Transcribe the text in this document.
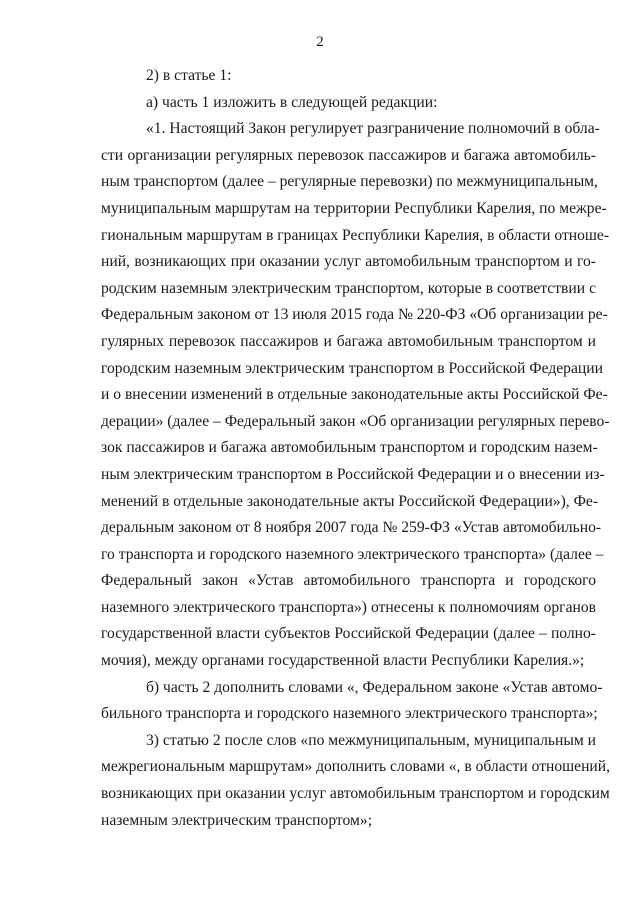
2
2) в статье 1:
а) часть 1 изложить в следующей редакции:
«1. Настоящий Закон регулирует разграничение полномочий в обла-
сти организации регулярных перевозок пассажиров и багажа автомобиль-
ным транспортом (далее – регулярные перевозки) по межмуниципальным,
муниципальным маршрутам на территории Республики Карелия, по межре-
гиональным маршрутам в границах Республики Карелия, в области отноше-
ний, возникающих при оказании услуг автомобильным транспортом и го-
родским наземным электрическим транспортом, которые в соответствии с
Федеральным законом от 13 июля 2015 года № 220-ФЗ «Об организации ре-
гулярных перевозок пассажиров и багажа автомобильным транспортом и
городским наземным электрическим транспортом в Российской Федерации
и о внесении изменений в отдельные законодательные акты Российской Фе-
дерации» (далее – Федеральный закон «Об организации регулярных перево-
зок пассажиров и багажа автомобильным транспортом и городским назем-
ным электрическим транспортом в Российской Федерации и о внесении из-
менений в отдельные законодательные акты Российской Федерации»), Фе-
деральным законом от 8 ноября 2007 года № 259-ФЗ «Устав автомобильно-
го транспорта и городского наземного электрического транспорта» (далее –
Федеральный закон «Устав автомобильного транспорта и городского
наземного электрического транспорта») отнесены к полномочиям органов
государственной власти субъектов Российской Федерации (далее – полно-
мочия), между органами государственной власти Республики Карелия.»;
б) часть 2 дополнить словами «, Федеральном законе «Устав автомо-
бильного транспорта и городского наземного электрического транспорта»;
3) статью 2 после слов «по межмуниципальным, муниципальным и
межрегиональным маршрутам» дополнить словами «, в области отношений,
возникающих при оказании услуг автомобильным транспортом и городским
наземным электрическим транспортом»;
